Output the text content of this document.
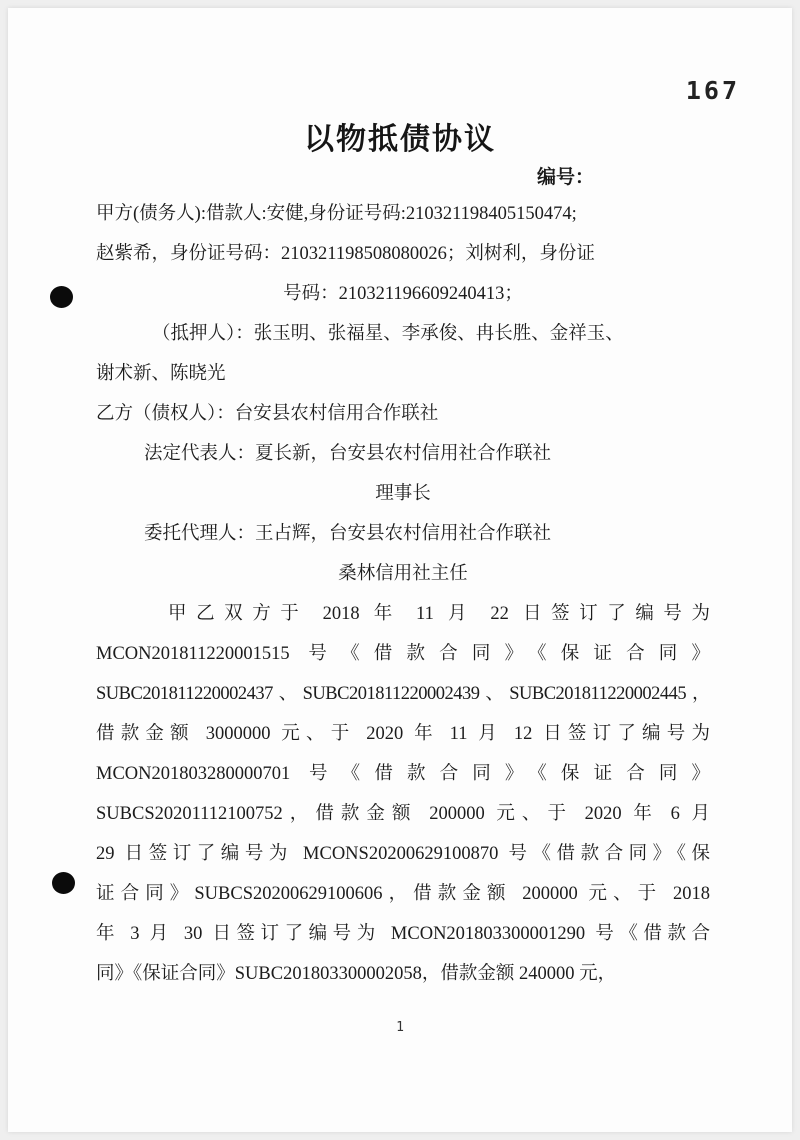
167
以物抵债协议
编号：
甲方(债务人):借款人:安健,身份证号码:210321198405150474;
赵紫希，身份证号码：210321198508080026；刘树利，身份证
号码：210321196609240413；
（抵押人）：张玉明、张福星、李承俊、冉长胜、金祥玉、
谢术新、陈晓光
乙方（债权人）：台安县农村信用合作联社
法定代表人：夏长新，台安县农村信用社合作联社
理事长
委托代理人：王占辉，台安县农村信用社合作联社
桑林信用社主任
甲乙双方于 2018 年 11 月 22 日签订了编号为
MCON201811220001515 号《借款合同》《保证合同》
SUBC201811220002437、SUBC201811220002439、SUBC201811220002445，
借款金额 3000000 元、于 2020 年 11 月 12 日签订了编号为
MCON201803280000701 号《借款合同》《保证合同》
SUBCS20201112100752，借款金额 200000 元、于 2020 年 6 月
29 日签订了编号为 MCONS20200629100870 号《借款合同》《保
证合同》SUBCS20200629100606，借款金额 200000 元、于 2018
年 3 月 30 日签订了编号为 MCON201803300001290 号《借款合
同》《保证合同》SUBC201803300002058，借款金额 240000 元，
1
